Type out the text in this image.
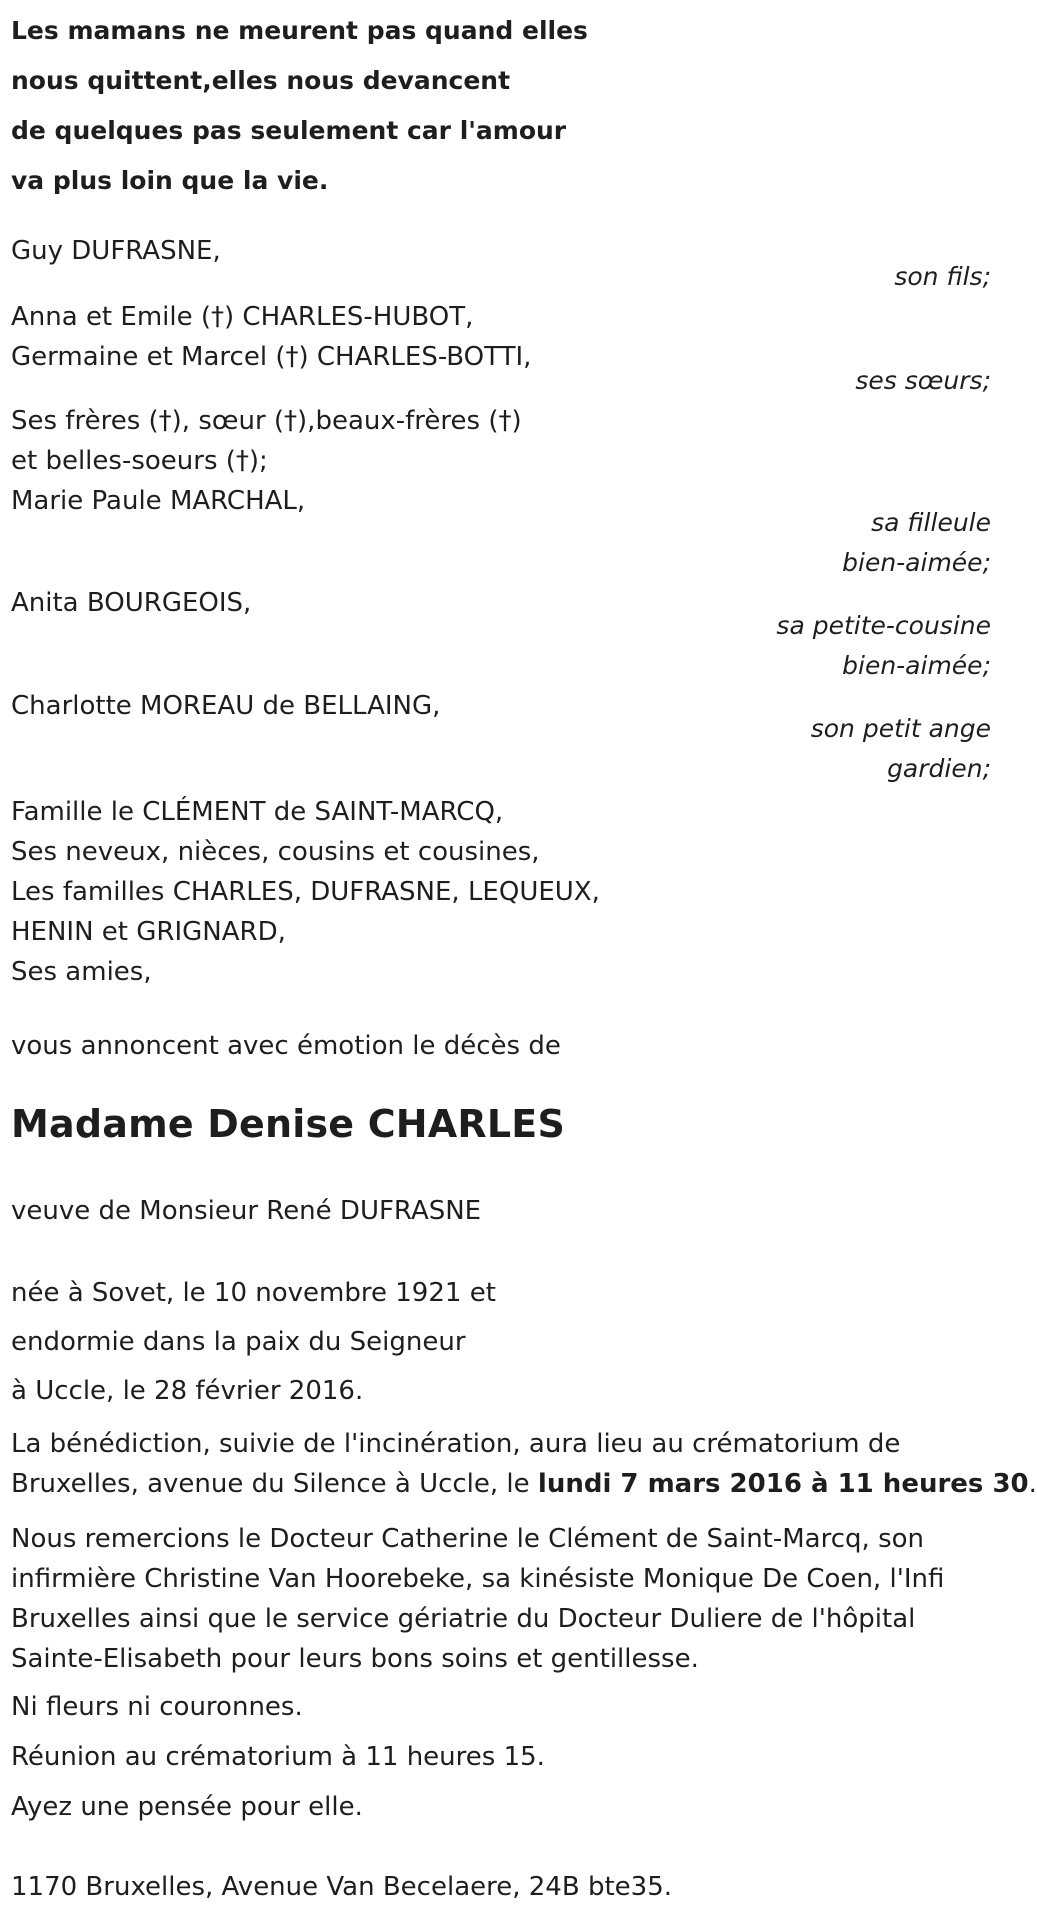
Les mamans ne meurent pas quand elles
nous quittent,elles nous devancent
de quelques pas seulement car l'amour
va plus loin que la vie.
Guy DUFRASNE,
son fils;
Anna et Emile (†) CHARLES-HUBOT,
Germaine et Marcel (†) CHARLES-BOTTI,
ses sœurs;
Ses frères (†), sœur (†),beaux-frères (†)
et belles-soeurs (†);
Marie Paule MARCHAL,
sa filleule
bien-aimée;
Anita BOURGEOIS,
sa petite-cousine
bien-aimée;
Charlotte MOREAU de BELLAING,
son petit ange
gardien;
Famille le CLÉMENT de SAINT-MARCQ,
Ses neveux, nièces, cousins et cousines,
Les familles CHARLES, DUFRASNE, LEQUEUX,
HENIN et GRIGNARD,
Ses amies,
vous annoncent avec émotion le décès de
Madame Denise CHARLES
veuve de Monsieur René DUFRASNE
née à Sovet, le 10 novembre 1921 et
endormie dans la paix du Seigneur
à Uccle, le 28 février 2016.
La bénédiction, suivie de l'incinération, aura lieu au crématorium de
Bruxelles, avenue du Silence à Uccle, le lundi 7 mars 2016 à 11 heures 30.
Nous remercions le Docteur Catherine le Clément de Saint-Marcq, son
infirmière Christine Van Hoorebeke, sa kinésiste Monique De Coen, l'Infi
Bruxelles ainsi que le service gériatrie du Docteur Duliere de l'hôpital
Sainte-Elisabeth pour leurs bons soins et gentillesse.
Ni fleurs ni couronnes.
Réunion au crématorium à 11 heures 15.
Ayez une pensée pour elle.
1170 Bruxelles, Avenue Van Becelaere, 24B bte35.
